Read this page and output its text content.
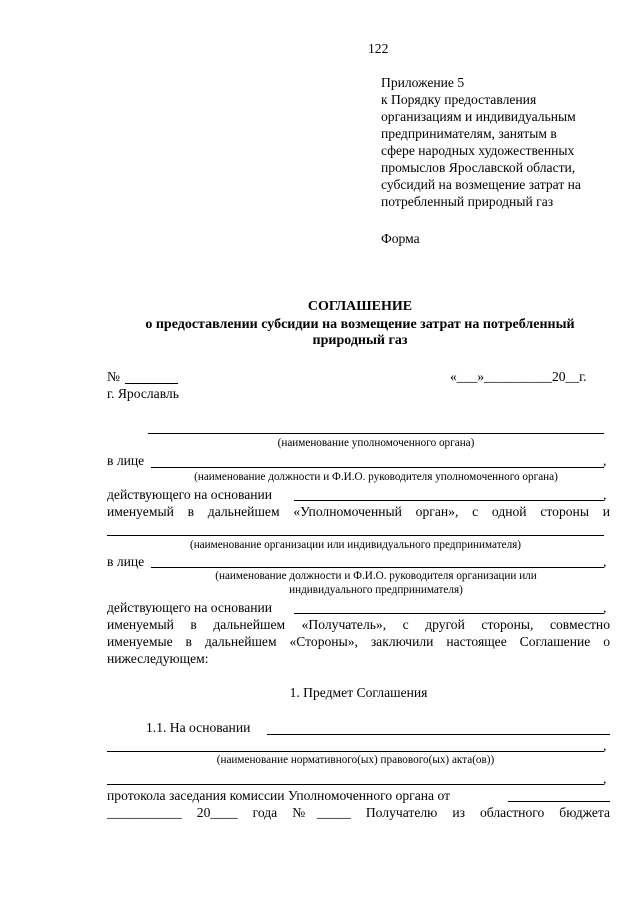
122
Приложение 5
к Порядку предоставления
организациям и индивидуальным
предпринимателям, занятым в
сфере народных художественных
промыслов Ярославской области,
субсидий на возмещение затрат на
потребленный природный газ
Форма
СОГЛАШЕНИЕ
о предоставлении субсидии на возмещение затрат на потребленный
природный газ
№	«___»__________20__г.
г. Ярославль
(наименование уполномоченного органа)
в лице	,
(наименование должности и Ф.И.О. руководителя уполномоченного органа)
действующего на основании	,
именуемый в дальнейшем «Уполномоченный орган», с одной стороны и
(наименование организации или индивидуального предпринимателя)
в лице	,
(наименование должности и Ф.И.О. руководителя организации или
индивидуального предпринимателя)
действующего на основании	,
именуемый в дальнейшем «Получатель», с другой стороны, совместно
именуемые в дальнейшем «Стороны», заключили настоящее Соглашение о
нижеследующем:
1. Предмет Соглашения
1.1. На основании
,
(наименование нормативного(ых) правового(ых) акта(ов))
,
протокола заседания комиссии Уполномоченного органа от
___________ 20____ года №_____ Получателю из областного бюджета
